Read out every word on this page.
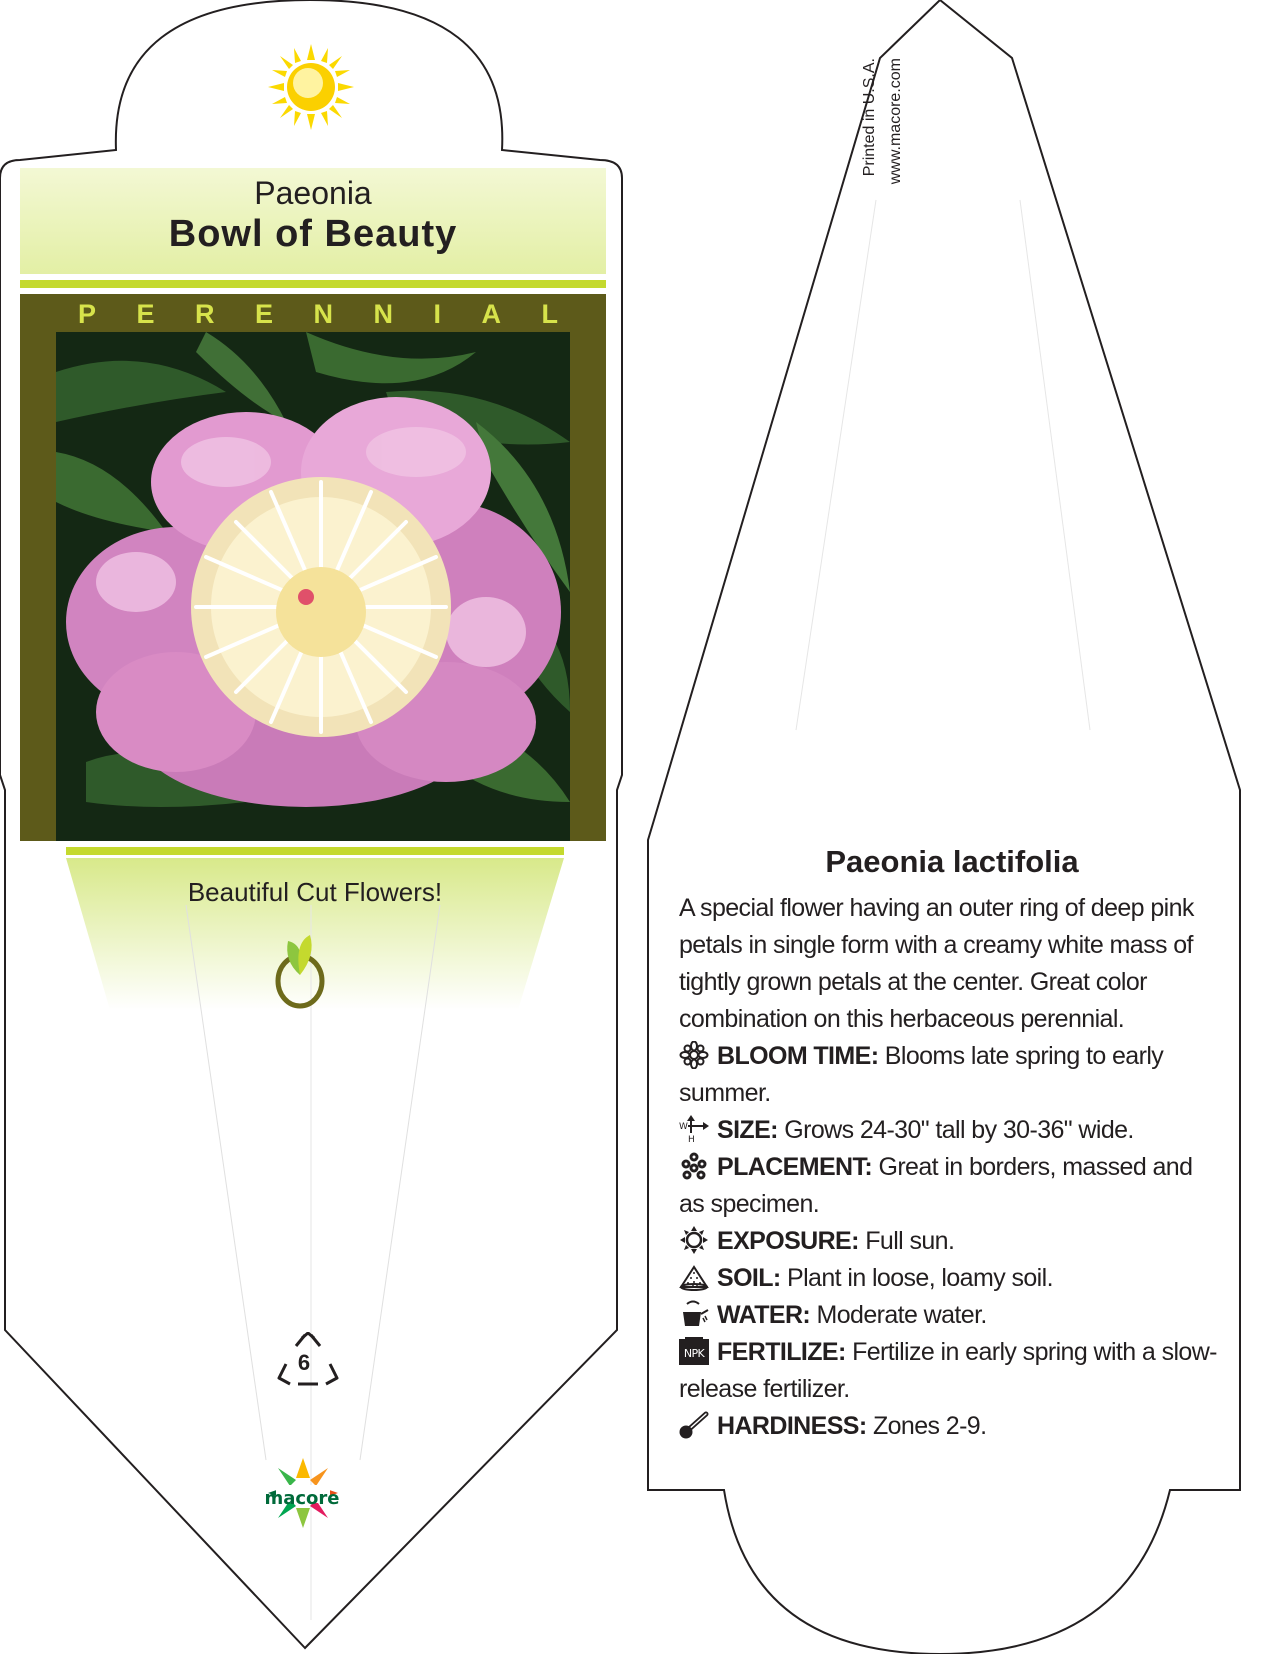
Paeonia
Bowl of Beauty
P E R E N N I A L
Beautiful Cut Flowers!
6
macore
Printed in U.S.A. www.macore.com
Paeonia lactifolia

A special flower having an outer ring of deep pink petals in single form with a creamy white mass of tightly grown petals at the center. Great color combination on this herbaceous perennial.

BLOOM TIME: Blooms late spring to early summer.

W
H SIZE: Grows 24-30" tall by 30-36" wide.

PLACEMENT: Great in borders, massed and as specimen.

EXPOSURE: Full sun.

SOIL: Plant in loose, loamy soil.

WATER: Moderate water.

NPK FERTILIZE: Fertilize in early spring with a slow-release fertilizer.

HARDINESS: Zones 2-9.
